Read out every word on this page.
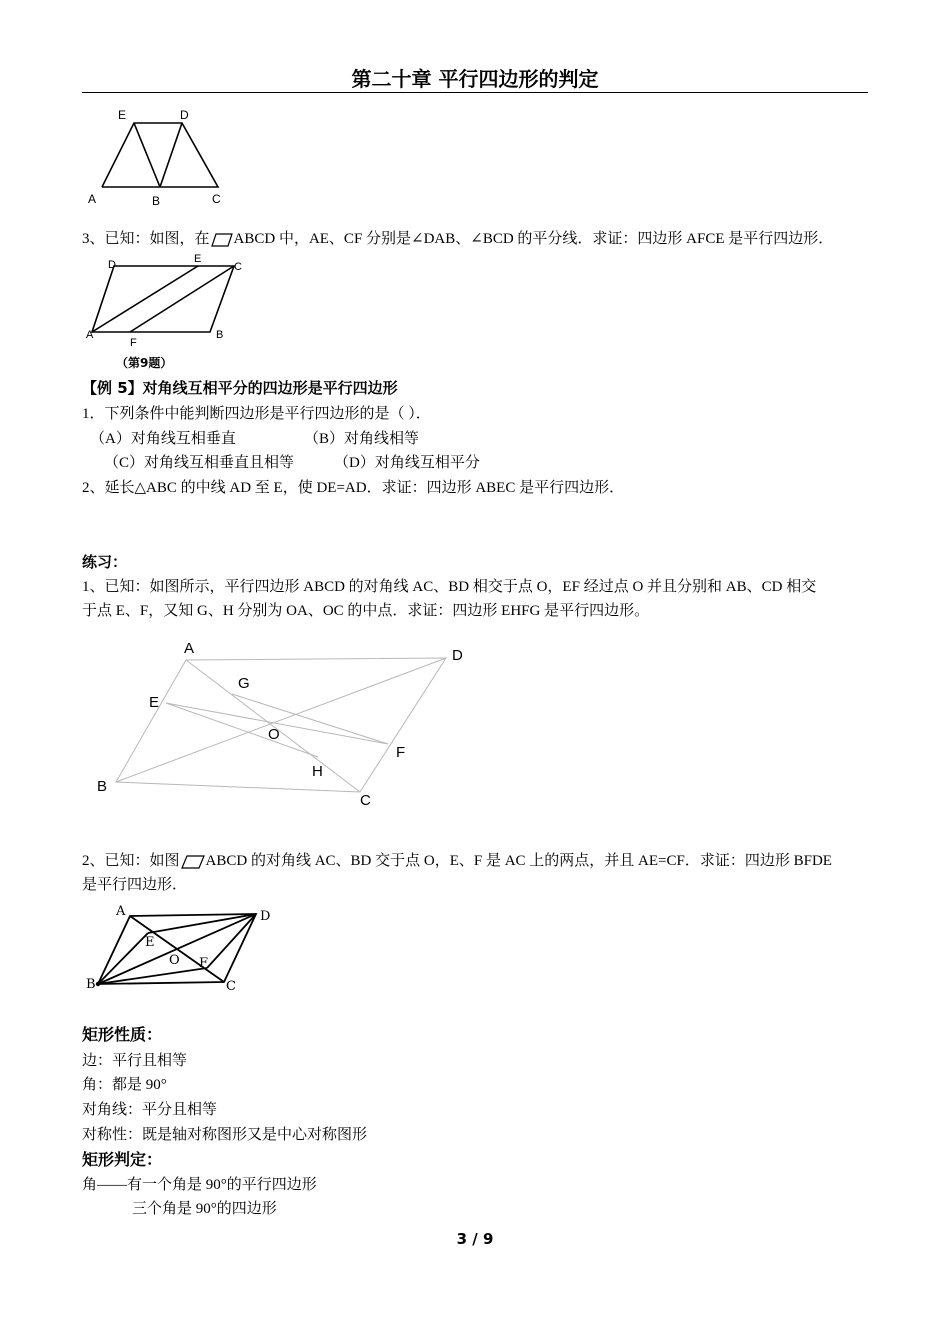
第二十章 平行四边形的判定
E	D
A	B	C
3、已知：如图，在 ABCD 中，AE、CF 分别是∠DAB、∠BCD 的平分线．求证：四边形 AFCE 是平行四边形．
D	E
C
A
F
B
（第9题）
【例 5】对角线互相平分的四边形是平行四边形
1．下列条件中能判断四边形是平行四边形的是（ ）．
（A）对角线互相垂直	（B）对角线相等
（C）对角线互相垂直且相等	（D）对角线互相平分
2、延长△ABC 的中线 AD 至 E，使 DE=AD．求证：四边形 ABEC 是平行四边形．
练习：
1、已知：如图所示，平行四边形 ABCD 的对角线 AC、BD 相交于点 O，EF 经过点 O 并且分别和 AB、CD 相交
于点 E、F，又知 G、H 分别为 OA、OC 的中点．求证：四边形 EHFG 是平行四边形。
A	D
G
E
O
F
H
B
C
2、已知：如图 ABCD 的对角线 AC、BD 交于点 O，E、F 是 AC 上的两点，并且 AE=CF．求证：四边形 BFDE
是平行四边形．
A	D
E
O F
B	C
矩形性质：
边：平行且相等
角：都是 90°
对角线：平分且相等
对称性：既是轴对称图形又是中心对称图形
矩形判定：
角——有一个角是 90°的平行四边形
三个角是 90°的四边形
3 / 9
